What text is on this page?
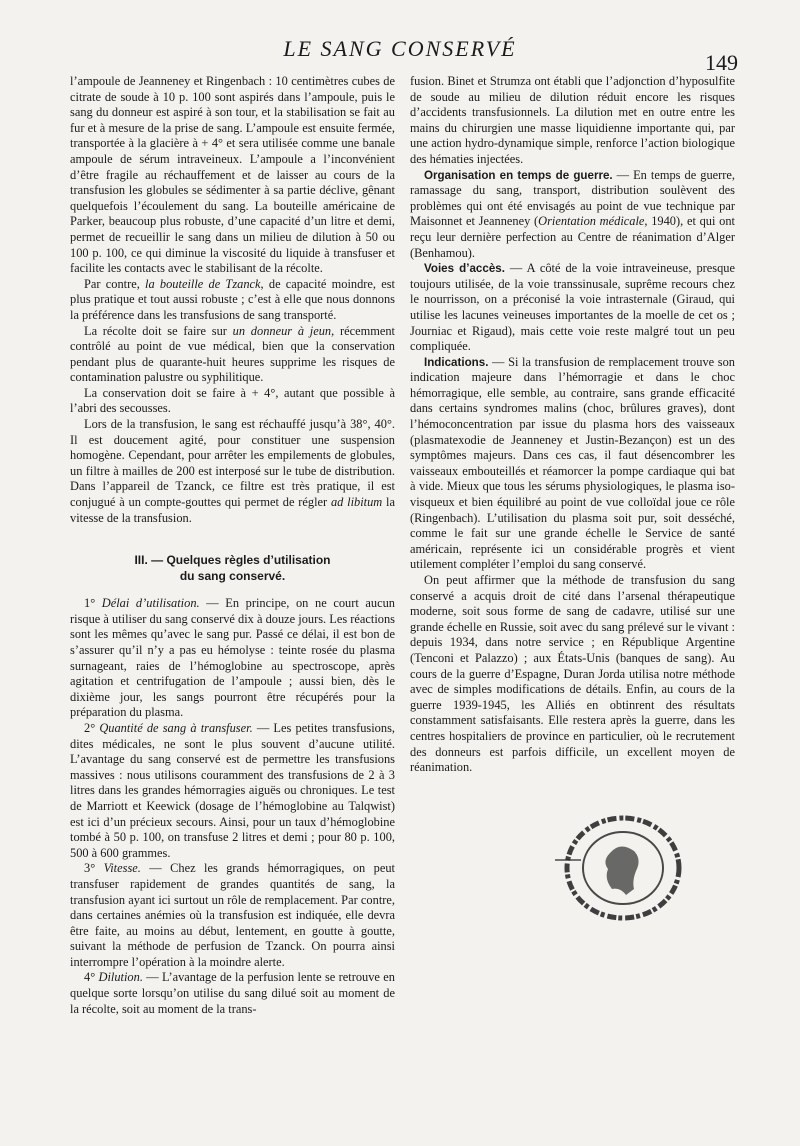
LE SANG CONSERVÉ
149

l’ampoule de Jeanneney et Ringenbach : 10 centimètres cubes de citrate de soude à 10 p. 100 sont aspirés dans l’ampoule, puis le sang du donneur est aspiré à son tour, et la stabilisation se fait au fur et à mesure de la prise de sang. L’ampoule est ensuite fermée, transportée à la glacière à + 4° et sera utilisée comme une banale ampoule de sérum intraveineux. L’ampoule a l’inconvénient d’être fragile au réchauffement et de laisser au cours de la transfusion les globules se sédimenter à sa partie déclive, gênant quelquefois l’écoulement du sang. La bouteille américaine de Parker, beaucoup plus robuste, d’une capacité d’un litre et demi, permet de recueillir le sang dans un milieu de dilution à 50 ou 100 p. 100, ce qui diminue la viscosité du liquide à transfuser et facilite les contacts avec le stabilisant de la récolte.

Par contre, la bouteille de Tzanck, de capacité moindre, est plus pratique et tout aussi robuste ; c’est à elle que nous donnons la préférence dans les transfusions de sang transporté.

La récolte doit se faire sur un donneur à jeun, récemment contrôlé au point de vue médical, bien que la conservation pendant plus de quarante-huit heures supprime les risques de contamination palustre ou syphilitique.

La conservation doit se faire à + 4°, autant que possible à l’abri des secousses.

Lors de la transfusion, le sang est réchauffé jusqu’à 38°, 40°. Il est doucement agité, pour constituer une suspension homogène. Cependant, pour arrêter les empilements de globules, un filtre à mailles de 200 est interposé sur le tube de distribution. Dans l’appareil de Tzanck, ce filtre est très pratique, il est conjugué à un compte-gouttes qui permet de régler ad libitum la vitesse de la transfusion.

III. — Quelques règles d’utilisation
du sang conservé.

1° Délai d’utilisation. — En principe, on ne court aucun risque à utiliser du sang conservé dix à douze jours. Les réactions sont les mêmes qu’avec le sang pur. Passé ce délai, il est bon de s’assurer qu’il n’y a pas eu hémolyse : teinte rosée du plasma surnageant, raies de l’hémoglobine au spectroscope, après agitation et centrifugation de l’ampoule ; aussi bien, dès le dixième jour, les sangs pourront être récupérés pour la préparation du plasma.

2° Quantité de sang à transfuser. — Les petites transfusions, dites médicales, ne sont le plus souvent d’aucune utilité. L’avantage du sang conservé est de permettre les transfusions massives : nous utilisons couramment des transfusions de 2 à 3 litres dans les grandes hémorragies aiguës ou chroniques. Le test de Marriott et Keewick (dosage de l’hémoglobine au Talqwist) est ici d’un précieux secours. Ainsi, pour un taux d’hémoglobine tombé à 50 p. 100, on transfuse 2 litres et demi ; pour 80 p. 100, 500 à 600 grammes.

3° Vitesse. — Chez les grands hémorragiques, on peut transfuser rapidement de grandes quantités de sang, la transfusion ayant ici surtout un rôle de remplacement. Par contre, dans certaines anémies où la transfusion est indiquée, elle devra être faite, au moins au début, lentement, en goutte à goutte, suivant la méthode de perfusion de Tzanck. On pourra ainsi interrompre l’opération à la moindre alerte.

4° Dilution. — L’avantage de la perfusion lente se retrouve en quelque sorte lorsqu’on utilise du sang dilué soit au moment de la récolte, soit au moment de la trans-

fusion. Binet et Strumza ont établi que l’adjonction d’hyposulfite de soude au milieu de dilution réduit encore les risques d’accidents transfusionnels. La dilution met en outre entre les mains du chirurgien une masse liquidienne importante qui, par une action hydro-dynamique simple, renforce l’action biologique des hématies injectées.

Organisation en temps de guerre. — En temps de guerre, ramassage du sang, transport, distribution soulèvent des problèmes qui ont été envisagés au point de vue technique par Maisonnet et Jeanneney (Orientation médicale, 1940), et qui ont reçu leur dernière perfection au Centre de réanimation d’Alger (Benhamou).

Voies d’accès. — A côté de la voie intraveineuse, presque toujours utilisée, de la voie transsinusale, suprême recours chez le nourrisson, on a préconisé la voie intrasternale (Giraud, qui utilise les lacunes veineuses importantes de la moelle de cet os ; Journiac et Rigaud), mais cette voie reste malgré tout un peu compliquée.

Indications. — Si la transfusion de remplacement trouve son indication majeure dans l’hémorragie et dans le choc hémorragique, elle semble, au contraire, sans grande efficacité dans certains syndromes malins (choc, brûlures graves), dont l’hémoconcentration par issue du plasma hors des vaisseaux (plasmatexodie de Jeanneney et Justin-Bezançon) est un des symptômes majeurs. Dans ces cas, il faut désencombrer les vaisseaux embouteillés et réamorcer la pompe cardiaque qui bat à vide. Mieux que tous les sérums physiologiques, le plasma iso-visqueux et bien équilibré au point de vue colloïdal joue ce rôle (Ringenbach). L’utilisation du plasma soit pur, soit desséché, comme le fait sur une grande échelle le Service de santé américain, représente ici un considérable progrès et vient utilement compléter l’emploi du sang conservé.

On peut affirmer que la méthode de transfusion du sang conservé a acquis droit de cité dans l’arsenal thérapeutique moderne, soit sous forme de sang de cadavre, utilisé sur une grande échelle en Russie, soit avec du sang prélevé sur le vivant : depuis 1934, dans notre service ; en République Argentine (Tenconi et Palazzo) ; aux États-Unis (banques de sang). Au cours de la guerre d’Espagne, Duran Jorda utilisa notre méthode avec de simples modifications de détails. Enfin, au cours de la guerre 1939-1945, les Alliés en obtinrent des résultats constamment satisfaisants. Elle restera après la guerre, dans les centres hospitaliers de province en particulier, où le recrutement des donneurs est parfois difficile, un excellent moyen de réanimation.
